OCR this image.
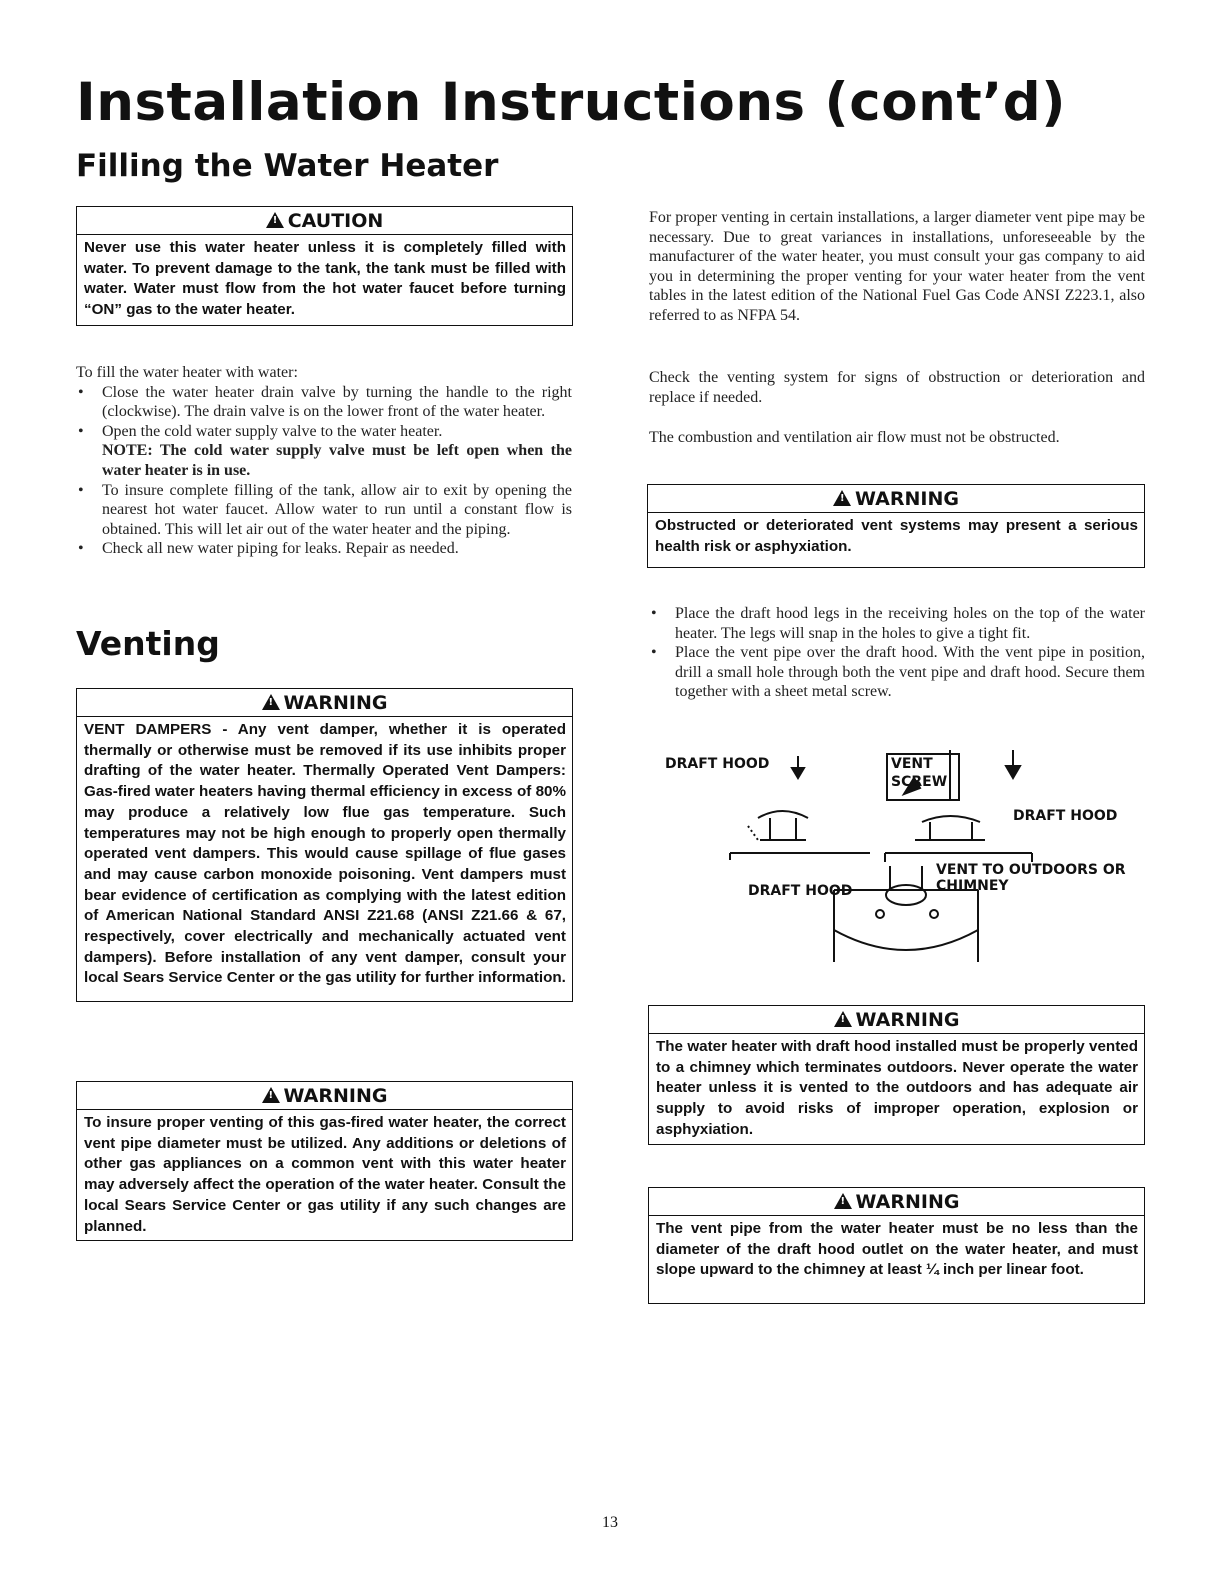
Installation Instructions (cont’d)
Filling the Water Heater
!CAUTION
Never use this water heater unless it is completely filled with water. To prevent damage to the tank, the tank must be filled with water. Water must flow from the hot water faucet before turning “ON” gas to the water heater.
To fill the water heater with water:
• Close the water heater drain valve by turning the handle to the right (clockwise). The drain valve is on the lower front of the water heater.
• Open the cold water supply valve to the water heater.
NOTE: The cold water supply valve must be left open when the water heater is in use.
• To insure complete filling of the tank, allow air to exit by opening the nearest hot water faucet. Allow water to run until a constant flow is obtained. This will let air out of the water heater and the piping.
• Check all new water piping for leaks. Repair as needed.
Venting
!WARNING
VENT DAMPERS - Any vent damper, whether it is operated thermally or otherwise must be removed if its use inhibits proper drafting of the water heater. Thermally Operated Vent Dampers: Gas-fired water heaters having thermal efficiency in excess of 80% may produce a relatively low flue gas temperature. Such temperatures may not be high enough to properly open thermally operated vent dampers. This would cause spillage of flue gases and may cause carbon monoxide poisoning. Vent dampers must bear evidence of certification as complying with the latest edition of American National Standard ANSI Z21.68 (ANSI Z21.66 & 67, respectively, cover electrically and mechanically actuated vent dampers). Before installation of any vent damper, consult your local Sears Service Center or the gas utility for further information.
!WARNING
To insure proper venting of this gas-fired water heater, the correct vent pipe diameter must be utilized. Any additions or deletions of other gas appliances on a common vent with this water heater may adversely affect the operation of the water heater. Consult the local Sears Service Center or gas utility if any such changes are planned.
For proper venting in certain installations, a larger diameter vent pipe may be necessary. Due to great variances in installations, unforeseeable by the manufacturer of the water heater, you must consult your gas company to aid you in determining the proper venting for your water heater from the vent tables in the latest edition of the National Fuel Gas Code ANSI Z223.1, also referred to as NFPA 54.
Check the venting system for signs of obstruction or deterioration and replace if needed.
The combustion and ventilation air flow must not be obstructed.
!WARNING
Obstructed or deteriorated vent systems may present a serious health risk or asphyxiation.
• Place the draft hood legs in the receiving holes on the top of the water heater. The legs will snap in the holes to give a tight fit.
• Place the vent pipe over the draft hood. With the vent pipe in position, drill a small hole through both the vent pipe and draft hood. Secure them together with a sheet metal screw.
DRAFT HOOD	VENT
SCREW
DRAFT HOOD
VENT TO OUTDOORS OR
CHIMNEY
DRAFT HOOD
!WARNING
The water heater with draft hood installed must be properly vented to a chimney which terminates outdoors. Never operate the water heater unless it is vented to the outdoors and has adequate air supply to avoid risks of improper operation, explosion or asphyxiation.
!WARNING
The vent pipe from the water heater must be no less than the diameter of the draft hood outlet on the water heater, and must slope upward to the chimney at least ¼ inch per linear foot.
13
